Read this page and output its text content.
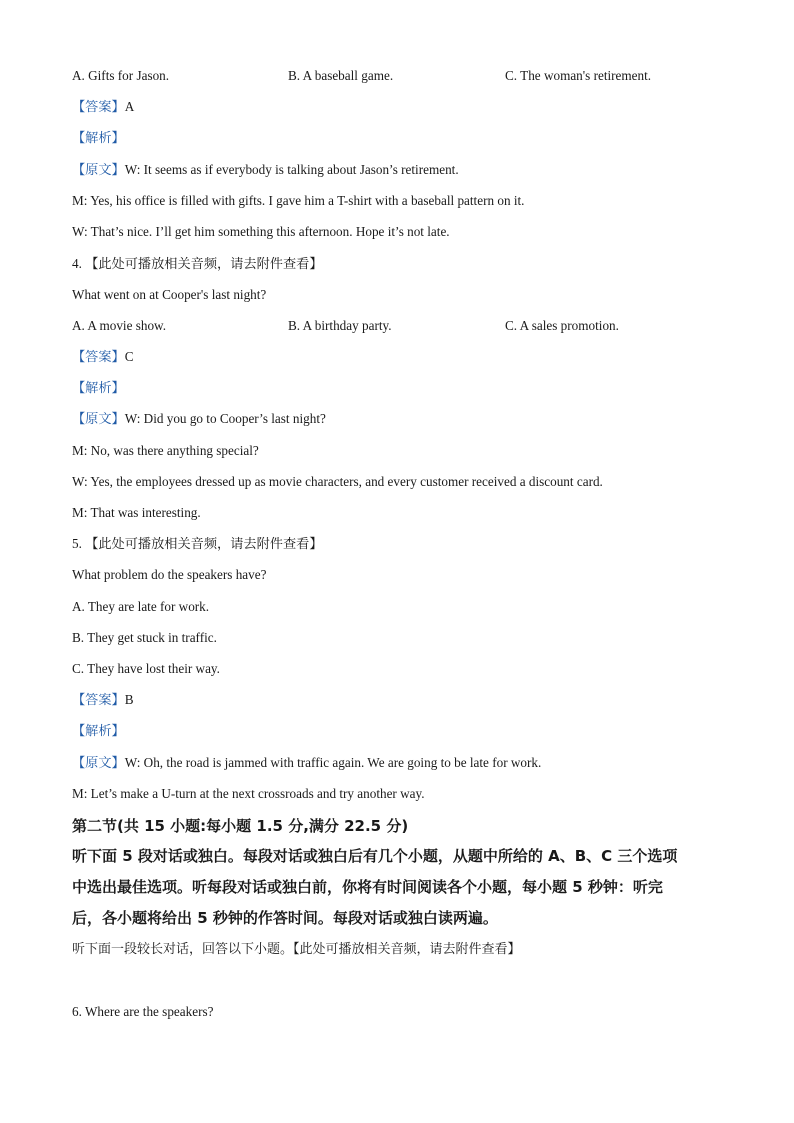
A. Gifts for Jason.	B. A baseball game.	C. The woman's retirement.
【答案】A
【解析】
【原文】W: It seems as if everybody is talking about Jason’s retirement.
M: Yes, his office is filled with gifts. I gave him a T-shirt with a baseball pattern on it.
W: That’s nice. I’ll get him something this afternoon. Hope it’s not late.
4. 【此处可播放相关音频，请去附件查看】
What went on at Cooper's last night?
A. A movie show.	B. A birthday party.	C. A sales promotion.
【答案】C
【解析】
【原文】W: Did you go to Cooper’s last night?
M: No, was there anything special?
W: Yes, the employees dressed up as movie characters, and every customer received a discount card.
M: That was interesting.
5. 【此处可播放相关音频，请去附件查看】
What problem do the speakers have?
A. They are late for work.
B. They get stuck in traffic.
C. They have lost their way.
【答案】B
【解析】
【原文】W: Oh, the road is jammed with traffic again. We are going to be late for work.
M: Let’s make a U-turn at the next crossroads and try another way.
第二节(共 15 小题:每小题 1.5 分,满分 22.5 分)
听下面 5 段对话或独白。每段对话或独白后有几个小题，从题中所给的 A、B、C 三个选项
中选出最佳选项。听每段对话或独白前，你将有时间阅读各个小题，每小题 5 秒钟：听完
后，各小题将给出 5 秒钟的作答时间。每段对话或独白读两遍。
听下面一段较长对话，回答以下小题。【此处可播放相关音频，请去附件查看】
6. Where are the speakers?
